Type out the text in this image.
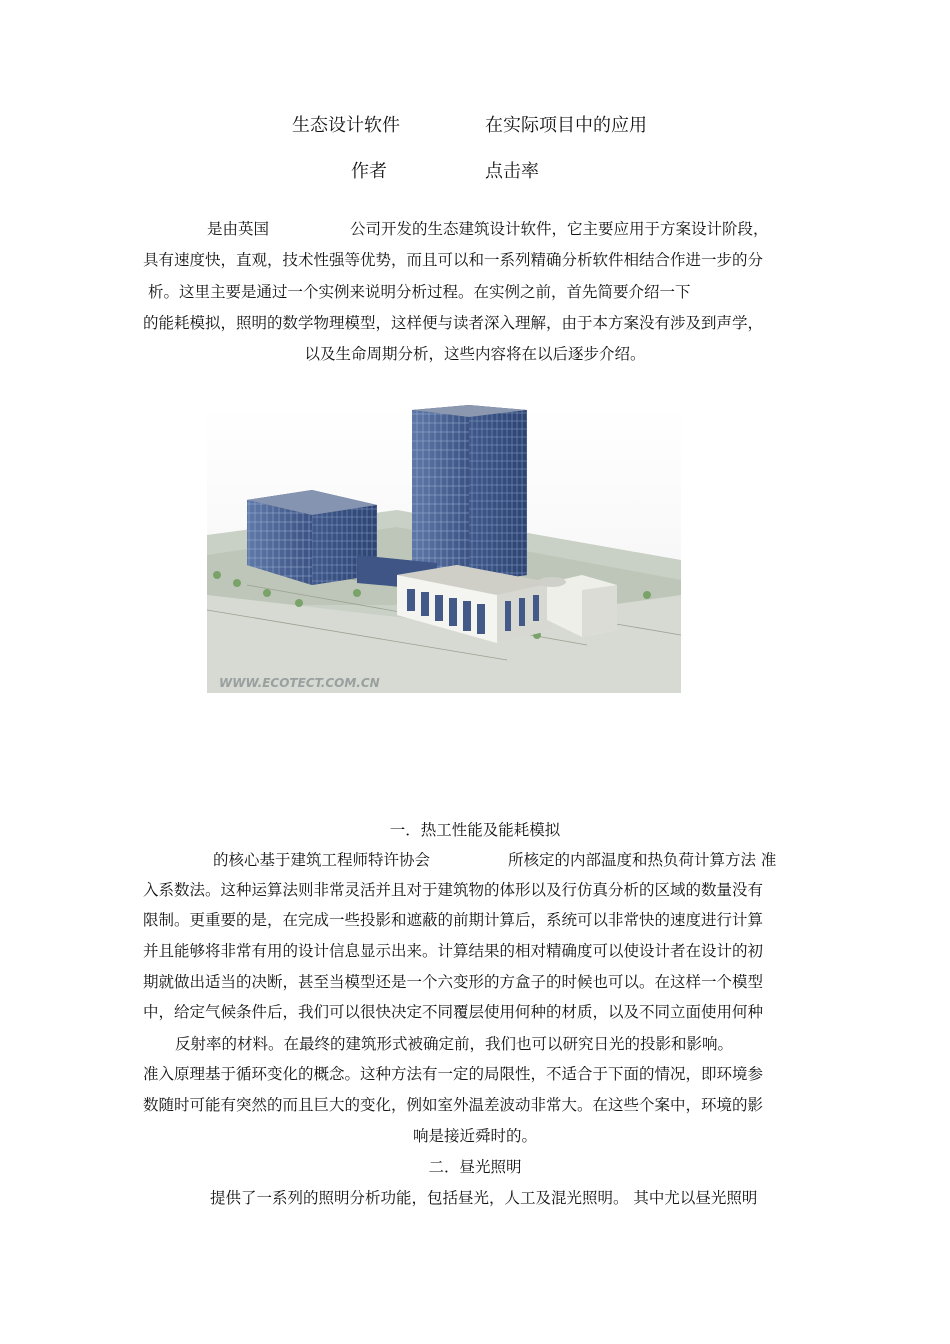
生态设计软件	在实际项目中的应用
作者	点击率
是由英国	公司开发的生态建筑设计软件，它主要应用于方案设计阶段，
具有速度快，直观，技术性强等优势，而且可以和一系列精确分析软件相结合作进一步的分
析。这里主要是通过一个实例来说明分析过程。在实例之前，首先简要介绍一下
的能耗模拟，照明的数学物理模型，这样便与读者深入理解，由于本方案没有涉及到声学，
以及生命周期分析，这些内容将在以后逐步介绍。
WWW.ECOTECT.COM.CN
一．热工性能及能耗模拟
的核心基于建筑工程师特许协会	所核定的内部温度和热负荷计算方法 准
入系数法。这种运算法则非常灵活并且对于建筑物的体形以及行仿真分析的区域的数量没有
限制。更重要的是，在完成一些投影和遮蔽的前期计算后，系统可以非常快的速度进行计算
并且能够将非常有用的设计信息显示出来。计算结果的相对精确度可以使设计者在设计的初
期就做出适当的决断，甚至当模型还是一个六变形的方盒子的时候也可以。在这样一个模型
中，给定气候条件后，我们可以很快决定不同覆层使用何种的材质，以及不同立面使用何种
反射率的材料。在最终的建筑形式被确定前，我们也可以研究日光的投影和影响。
准入原理基于循环变化的概念。这种方法有一定的局限性，不适合于下面的情况，即环境参
数随时可能有突然的而且巨大的变化，例如室外温差波动非常大。在这些个案中，环境的影
响是接近舜时的。
二．昼光照明
提供了一系列的照明分析功能，包括昼光，人工及混光照明。 其中尤以昼光照明
